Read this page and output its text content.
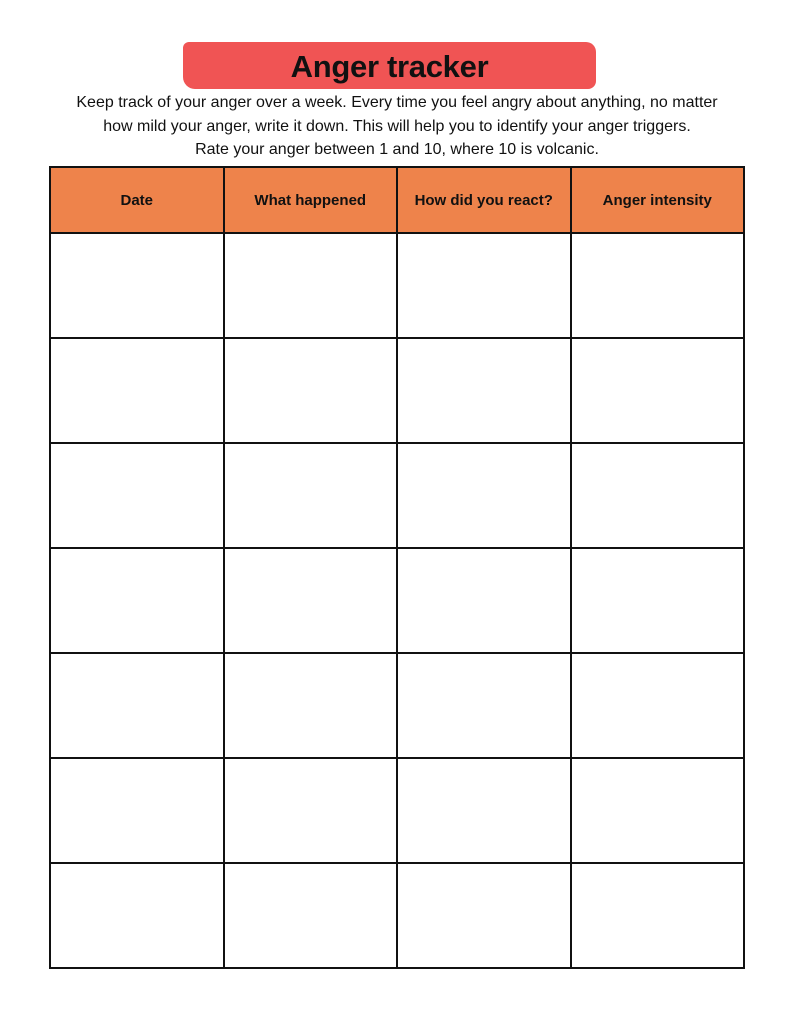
Anger tracker

Keep track of your anger over a week. Every time you feel angry about anything, no matter

how mild your anger, write it down. This will help you to identify your anger triggers.

Rate your anger between 1 and 10, where 10 is volcanic.

Date	What happened	How did you react?	Anger intensity
